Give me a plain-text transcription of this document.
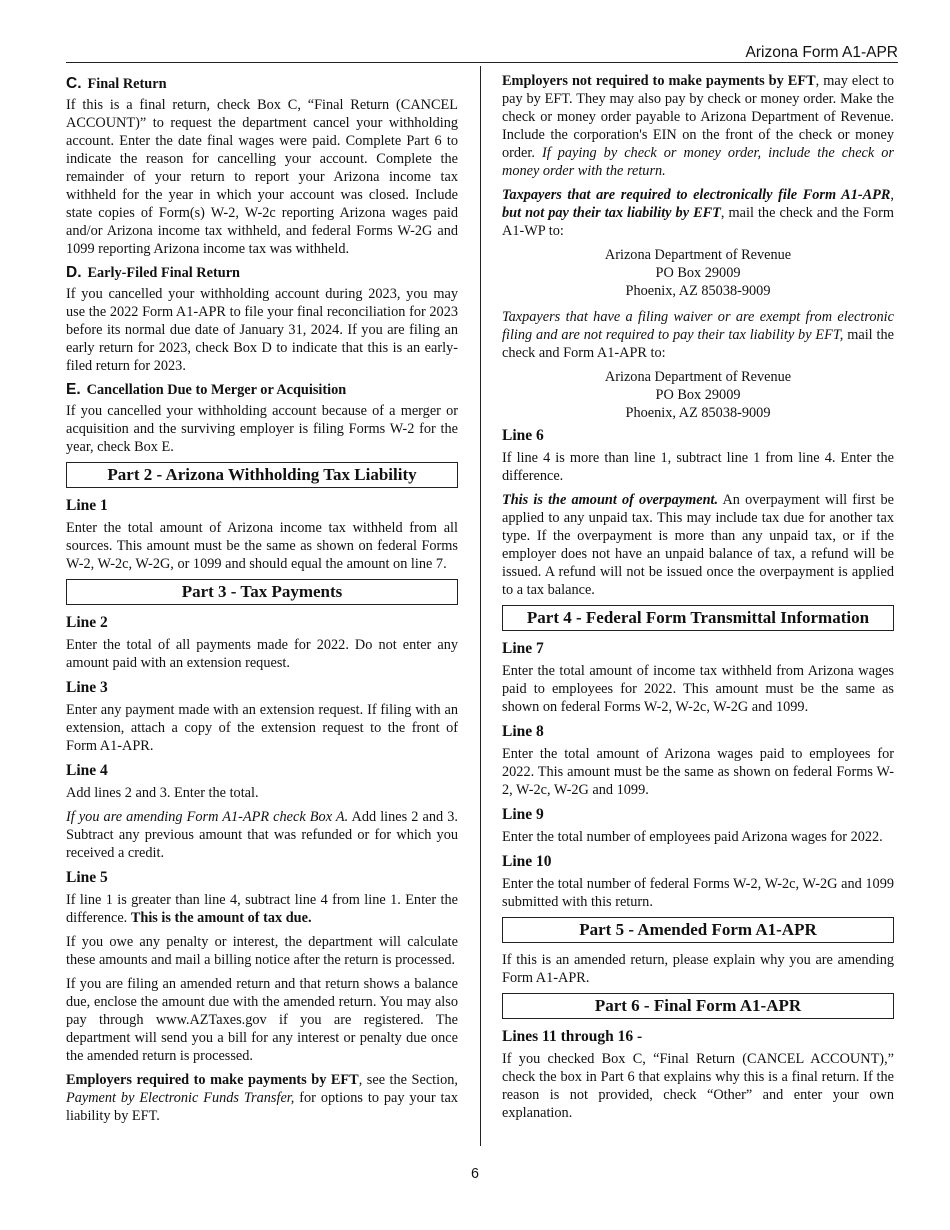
Arizona Form A1-APR
C. Final Return

If this is a final return, check Box C, “Final Return (CANCEL ACCOUNT)” to request the department cancel your withholding account. Enter the date final wages were paid. Complete Part 6 to indicate the reason for cancelling your account. Complete the remainder of your return to report your Arizona income tax withheld for the year in which your account was closed. Include state copies of Form(s) W-2, W-2c reporting Arizona wages paid and/or Arizona income tax withheld, and federal Forms W-2G and 1099 reporting Arizona income tax was withheld.

D. Early-Filed Final Return

If you cancelled your withholding account during 2023, you may use the 2022 Form A1-APR to file your final reconciliation for 2023 before its normal due date of January 31, 2024. If you are filing an early return for 2023, check Box D to indicate that this is an early-filed return for 2023.

E. Cancellation Due to Merger or Acquisition

If you cancelled your withholding account because of a merger or acquisition and the surviving employer is filing Forms W-2 for the year, check Box E.

Part 2 - Arizona Withholding Tax Liability
Line 1

Enter the total amount of Arizona income tax withheld from all sources. This amount must be the same as shown on federal Forms W-2, W-2c, W-2G, or 1099 and should equal the amount on line 7.

Part 3 - Tax Payments
Line 2

Enter the total of all payments made for 2022. Do not enter any amount paid with an extension request.

Line 3

Enter any payment made with an extension request. If filing with an extension, attach a copy of the extension request to the front of Form A1-APR.

Line 4

Add lines 2 and 3. Enter the total.

If you are amending Form A1-APR check Box A. Add lines 2 and 3. Subtract any previous amount that was refunded or for which you received a credit.

Line 5

If line 1 is greater than line 4, subtract line 4 from line 1. Enter the difference. This is the amount of tax due.

If you owe any penalty or interest, the department will calculate these amounts and mail a billing notice after the return is processed.

If you are filing an amended return and that return shows a balance due, enclose the amount due with the amended return. You may also pay through www.AZTaxes.gov if you are registered. The department will send you a bill for any interest or penalty due once the amended return is processed.

Employers required to make payments by EFT, see the Section, Payment by Electronic Funds Transfer, for options to pay your tax liability by EFT.

Employers not required to make payments by EFT, may elect to pay by EFT. They may also pay by check or money order. Make the check or money order payable to Arizona Department of Revenue. Include the corporation's EIN on the front of the check or money order. If paying by check or money order, include the check or money order with the return.

Taxpayers that are required to electronically file Form A1-APR, but not pay their tax liability by EFT, mail the check and the Form A1-WP to:

Arizona Department of Revenue
PO Box 29009
Phoenix, AZ 85038-9009

Taxpayers that have a filing waiver or are exempt from electronic filing and are not required to pay their tax liability by EFT, mail the check and Form A1-APR to:

Arizona Department of Revenue
PO Box 29009
Phoenix, AZ 85038-9009
Line 6

If line 4 is more than line 1, subtract line 1 from line 4. Enter the difference.

This is the amount of overpayment. An overpayment will first be applied to any unpaid tax. This may include tax due for another tax type. If the overpayment is more than any unpaid tax, or if the employer does not have an unpaid balance of tax, a refund will be issued. A refund will not be issued once the overpayment is applied to a tax balance.

Part 4 - Federal Form Transmittal Information
Line 7

Enter the total amount of income tax withheld from Arizona wages paid to employees for 2022. This amount must be the same as shown on federal Forms W-2, W-2c, W-2G and 1099.

Line 8

Enter the total amount of Arizona wages paid to employees for 2022. This amount must be the same as shown on federal Forms W-2, W-2c, W-2G and 1099.

Line 9

Enter the total number of employees paid Arizona wages for 2022.

Line 10

Enter the total number of federal Forms W-2, W-2c, W-2G and 1099 submitted with this return.

Part 5 - Amended Form A1-APR

If this is an amended return, please explain why you are amending Form A1-APR.

Part 6 - Final Form A1-APR
Lines 11 through 16 -

If you checked Box C, “Final Return (CANCEL ACCOUNT),” check the box in Part 6 that explains why this is a final return. If the reason is not provided, check “Other” and enter your own explanation.

6
